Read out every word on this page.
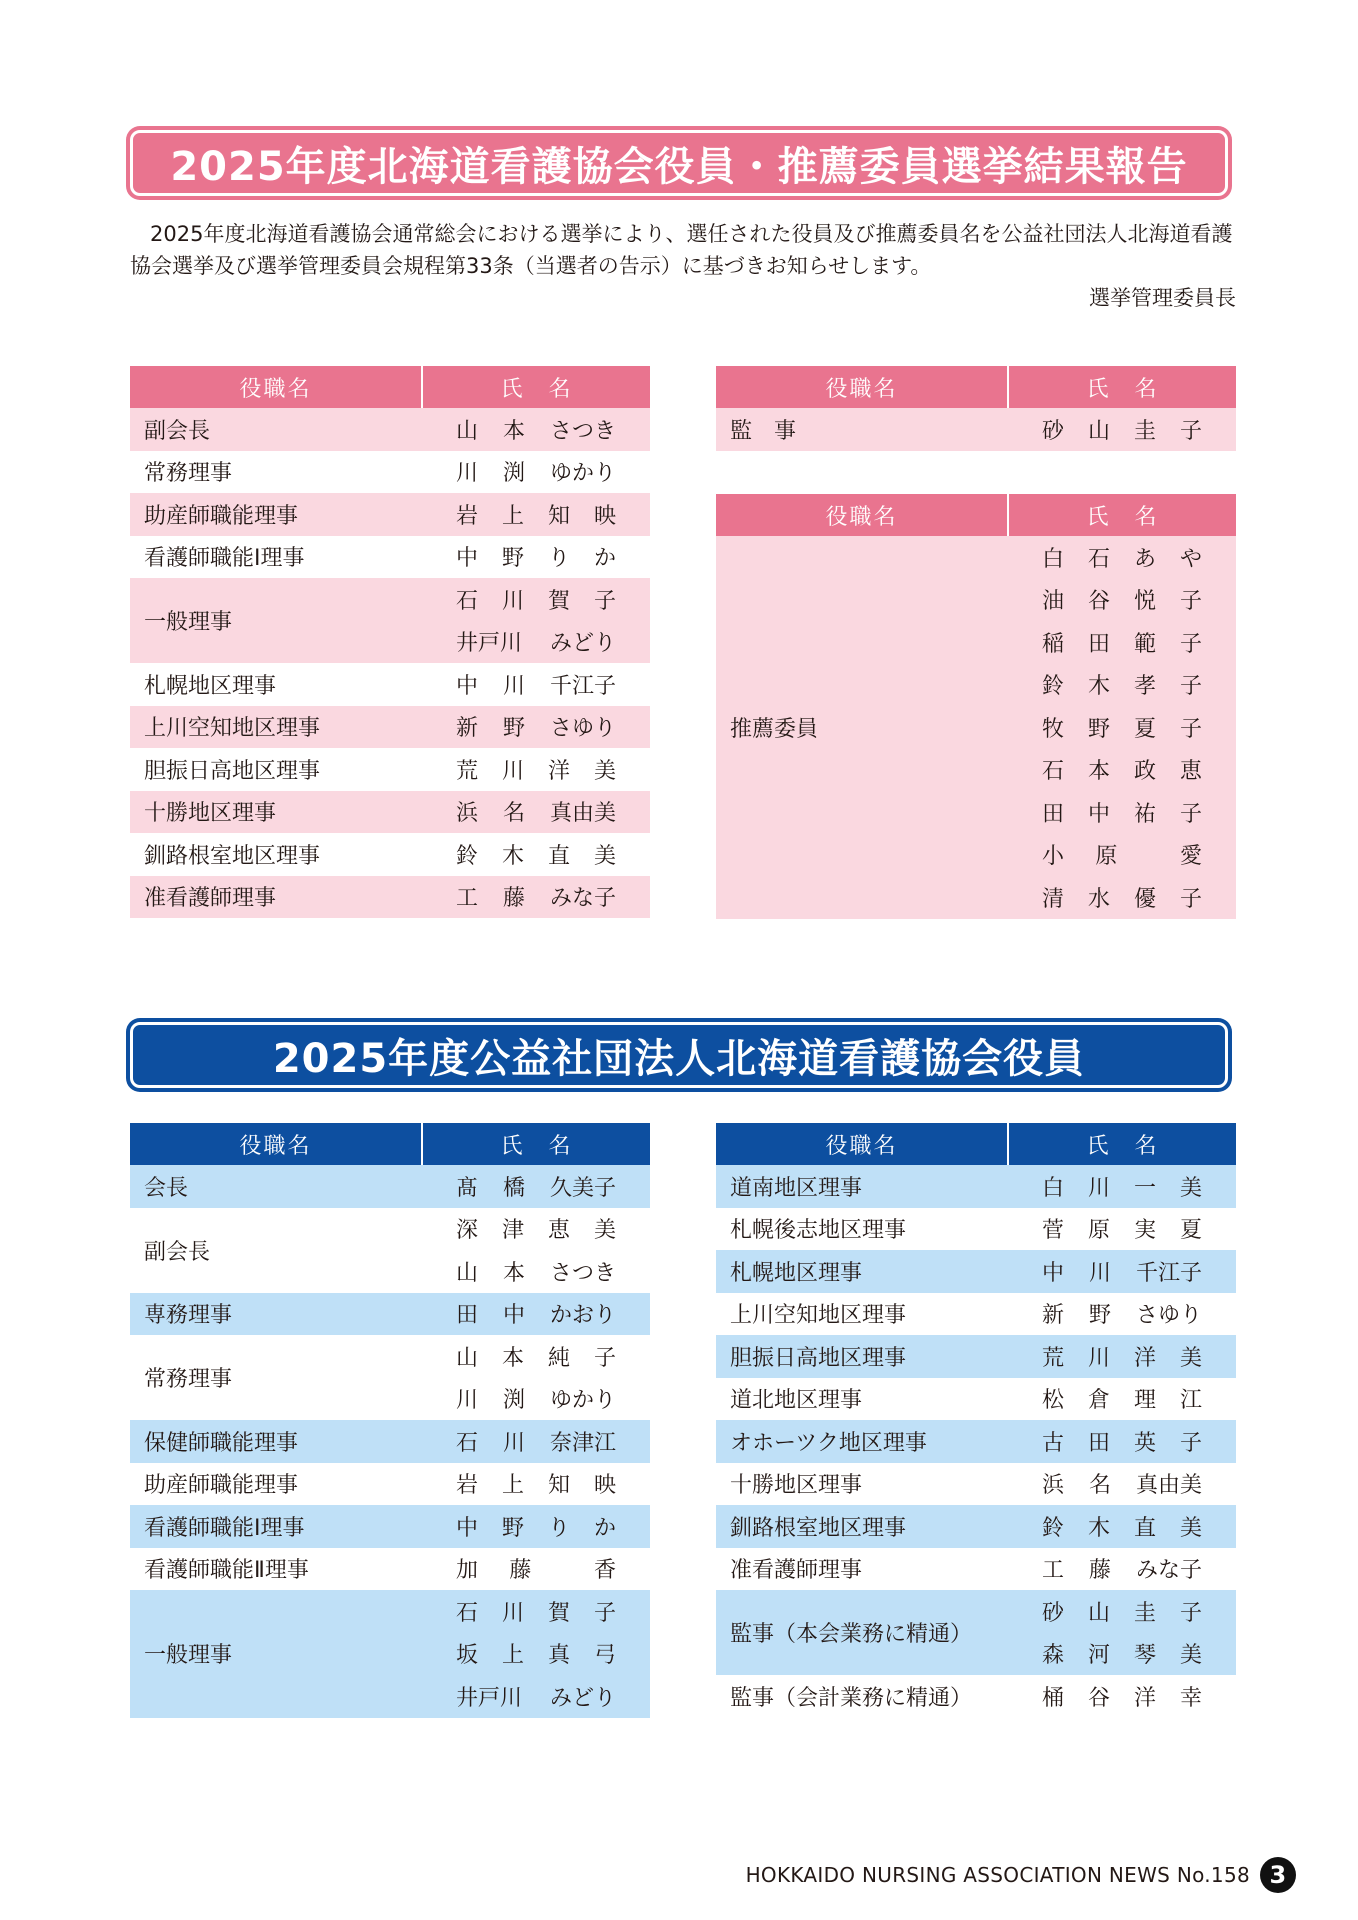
2025年度北海道看護協会役員・推薦委員選挙結果報告

2025年度北海道看護協会通常総会における選挙により、選任された役員及び推薦委員名を公益社団法人北海道看護協会選挙及び選挙管理委員会規程第33条（当選者の告示）に基づきお知らせします。

選挙管理委員長

役職名	氏　名
副会長	山 本 さつき

常務理事	川 渕 ゆかり

助産師職能理事	岩 上 知 映

看護師職能Ⅰ理事	中 野 り か

一般理事	石 川 賀 子

	井戸川 みどり

札幌地区理事	中 川 千江子

上川空知地区理事	新 野 さゆり

胆振日高地区理事	荒 川 洋 美

十勝地区理事	浜 名 真由美

釧路根室地区理事	鈴 木 直 美

准看護師理事	工 藤 みな子
役職名	氏　名
監　事	砂 山 圭 子
役職名	氏　名
推薦委員	白 石 あ や

	油 谷 悦 子

	稲 田 範 子

	鈴 木 孝 子

	牧 野 夏 子

	石 本 政 恵

	田 中 祐 子

	小 原 愛

	清 水 優 子
2025年度公益社団法人北海道看護協会役員
役職名	氏　名
会長	髙 橋 久美子

副会長	深 津 恵 美

	山 本 さつき

専務理事	田 中 かおり

常務理事	山 本 純 子

	川 渕 ゆかり

保健師職能理事	石 川 奈津江

助産師職能理事	岩 上 知 映

看護師職能Ⅰ理事	中 野 り か

看護師職能Ⅱ理事	加 藤 香

一般理事	石 川 賀 子

	坂 上 真 弓

	井戸川 みどり
役職名	氏　名
道南地区理事	白 川 一 美

札幌後志地区理事	菅 原 実 夏

札幌地区理事	中 川 千江子

上川空知地区理事	新 野 さゆり

胆振日高地区理事	荒 川 洋 美

道北地区理事	松 倉 理 江

オホーツク地区理事	古 田 英 子

十勝地区理事	浜 名 真由美

釧路根室地区理事	鈴 木 直 美

准看護師理事	工 藤 みな子

監事（本会業務に精通）	砂 山 圭 子

	森 河 琴 美

監事（会計業務に精通）	桶 谷 洋 幸
HOKKAIDO NURSING ASSOCIATION NEWS No.158 3
